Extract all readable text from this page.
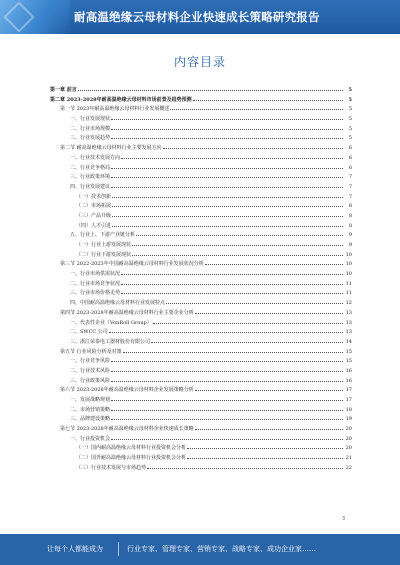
耐高温绝缘云母材料企业快速成长策略研究报告
内容目录
第一章 前言	5
第二章 2023-2028年耐高温绝缘云母材料市场前景及趋势预测	5
第一节 2023年耐高温绝缘云母材料行业发展概述	5
一、行业发展现状	5
二、行业市场规模	5
三、行业发展趋势	5
第二节 耐高温绝缘云母材料行业主要发展方向	6
一、行业技术发展方向	6
二、行业竞争格局	6
三、行业政策环境	7
四、行业发展建议	7
（一）技术创新	7
（二）市场拓展	8
（三）产品升级	8
（四）人才引进	8
五、行业上、下游产业链分析	9
（一）行业上游发展现状	9
（二）行业下游发展现状	10
第三节 2022-2023年中国耐高温绝缘云母材料行业发展状况分析	10
一、行业市场供需状况	10
二、行业市场竞争状况	11
三、行业市场价格走势	11
四、中国耐高温绝缘云母材料行业发展特点	12
第四节 2023-2028年耐高温绝缘云母材料行业主要企业分析	13
一、代表性企业（VonRoll Group）	13
二、SWCC 公司	13
三、浙江荣泰电工器材股份有限公司	14
第五节 行业风险分析及对策	15
一、行业竞争风险	15
二、行业技术风险	16
三、行业政策风险	16
第六节 2023-2028年耐高温绝缘云母材料企业发展策略分析	17
一、发展战略规划	17
二、市场营销策略	18
三、品牌建设策略	19
第七节 2023-2028年耐高温绝缘云母材料企业快速成长策略	20
一、行业投资机会	20
（一）国内耐高温绝缘云母材料行业投资机会分析	20
（二）国外耐高温绝缘云母材料行业投资机会分析	21
（三）行业技术发展与市场趋势	22
3
让每个人都能成为	行业专家、管理专家、营销专家、战略专家、成功企业家……
